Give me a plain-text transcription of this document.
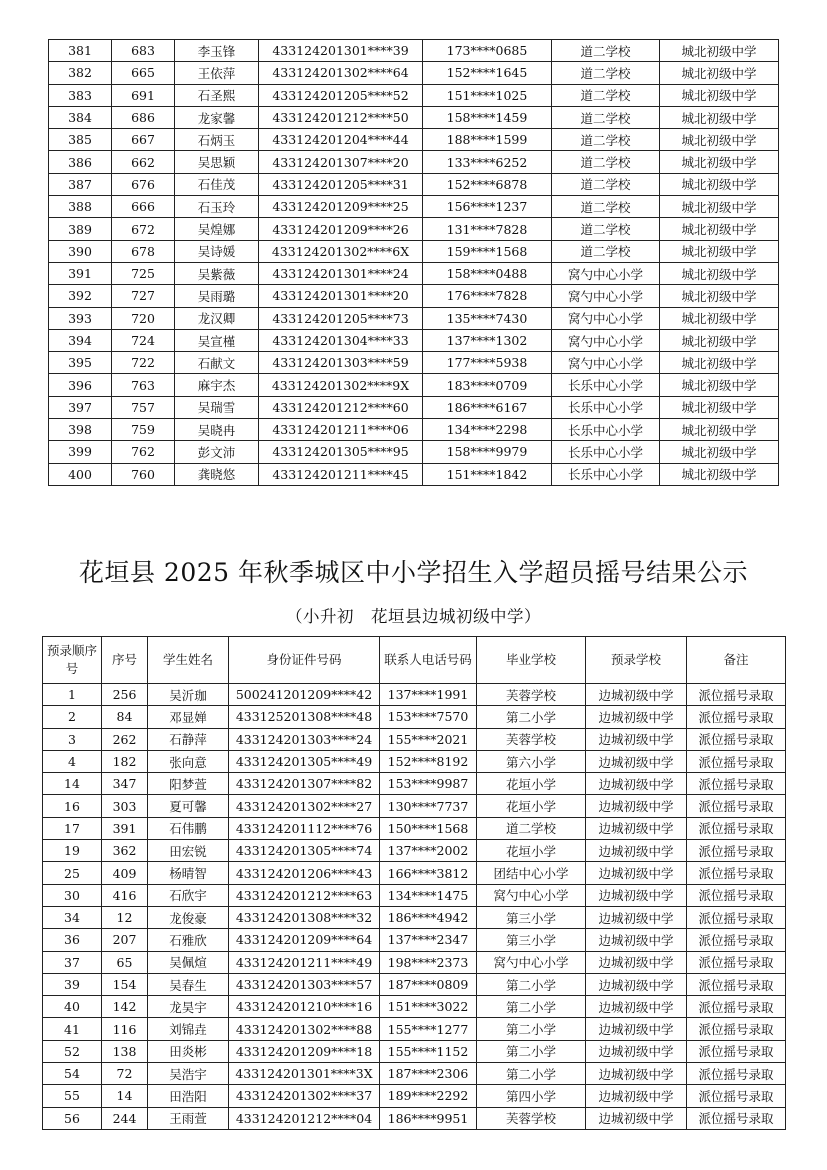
381	683	李玉锋	433124201301****39	173****0685	道二学校	城北初级中学
382	665	王依萍	433124201302****64	152****1645	道二学校	城北初级中学
383	691	石圣熙	433124201205****52	151****1025	道二学校	城北初级中学
384	686	龙家馨	433124201212****50	158****1459	道二学校	城北初级中学
385	667	石炳玉	433124201204****44	188****1599	道二学校	城北初级中学
386	662	吴思颖	433124201307****20	133****6252	道二学校	城北初级中学
387	676	石佳茂	433124201205****31	152****6878	道二学校	城北初级中学
388	666	石玉玲	433124201209****25	156****1237	道二学校	城北初级中学
389	672	吴煌娜	433124201209****26	131****7828	道二学校	城北初级中学
390	678	吴诗媛	433124201302****6X	159****1568	道二学校	城北初级中学
391	725	吴紫薇	433124201301****24	158****0488	窝勺中心小学	城北初级中学
392	727	吴雨璐	433124201301****20	176****7828	窝勺中心小学	城北初级中学
393	720	龙汉卿	433124201205****73	135****7430	窝勺中心小学	城北初级中学
394	724	吴宣槿	433124201304****33	137****1302	窝勺中心小学	城北初级中学
395	722	石献文	433124201303****59	177****5938	窝勺中心小学	城北初级中学
396	763	麻宇杰	433124201302****9X	183****0709	长乐中心小学	城北初级中学
397	757	吴瑞雪	433124201212****60	186****6167	长乐中心小学	城北初级中学
398	759	吴晓冉	433124201211****06	134****2298	长乐中心小学	城北初级中学
399	762	彭文沛	433124201305****95	158****9979	长乐中心小学	城北初级中学
400	760	龚晓悠	433124201211****45	151****1842	长乐中心小学	城北初级中学
花垣县 2025 年秋季城区中小学招生入学超员摇号结果公示
（小升初　花垣县边城初级中学）
预录顺序号	序号	学生姓名	身份证件号码	联系人电话号码	毕业学校	预录学校	备注
1	256	吴沂珈	500241201209****42	137****1991	芙蓉学校	边城初级中学	派位摇号录取
2	84	邓显婵	433125201308****48	153****7570	第二小学	边城初级中学	派位摇号录取
3	262	石静萍	433124201303****24	155****2021	芙蓉学校	边城初级中学	派位摇号录取
4	182	张向意	433124201305****49	152****8192	第六小学	边城初级中学	派位摇号录取
14	347	阳梦萱	433124201307****82	153****9987	花垣小学	边城初级中学	派位摇号录取
16	303	夏可馨	433124201302****27	130****7737	花垣小学	边城初级中学	派位摇号录取
17	391	石伟鹏	433124201112****76	150****1568	道二学校	边城初级中学	派位摇号录取
19	362	田宏锐	433124201305****74	137****2002	花垣小学	边城初级中学	派位摇号录取
25	409	杨晴智	433124201206****43	166****3812	团结中心小学	边城初级中学	派位摇号录取
30	416	石欣宇	433124201212****63	134****1475	窝勺中心小学	边城初级中学	派位摇号录取
34	12	龙俊豪	433124201308****32	186****4942	第三小学	边城初级中学	派位摇号录取
36	207	石雅欣	433124201209****64	137****2347	第三小学	边城初级中学	派位摇号录取
37	65	吴佩煊	433124201211****49	198****2373	窝勺中心小学	边城初级中学	派位摇号录取
39	154	吴春生	433124201303****57	187****0809	第二小学	边城初级中学	派位摇号录取
40	142	龙昊宇	433124201210****16	151****3022	第二小学	边城初级中学	派位摇号录取
41	116	刘锦垚	433124201302****88	155****1277	第二小学	边城初级中学	派位摇号录取
52	138	田炎彬	433124201209****18	155****1152	第二小学	边城初级中学	派位摇号录取
54	72	吴浩宇	433124201301****3X	187****2306	第二小学	边城初级中学	派位摇号录取
55	14	田浩阳	433124201302****37	189****2292	第四小学	边城初级中学	派位摇号录取
56	244	王雨萱	433124201212****04	186****9951	芙蓉学校	边城初级中学	派位摇号录取
